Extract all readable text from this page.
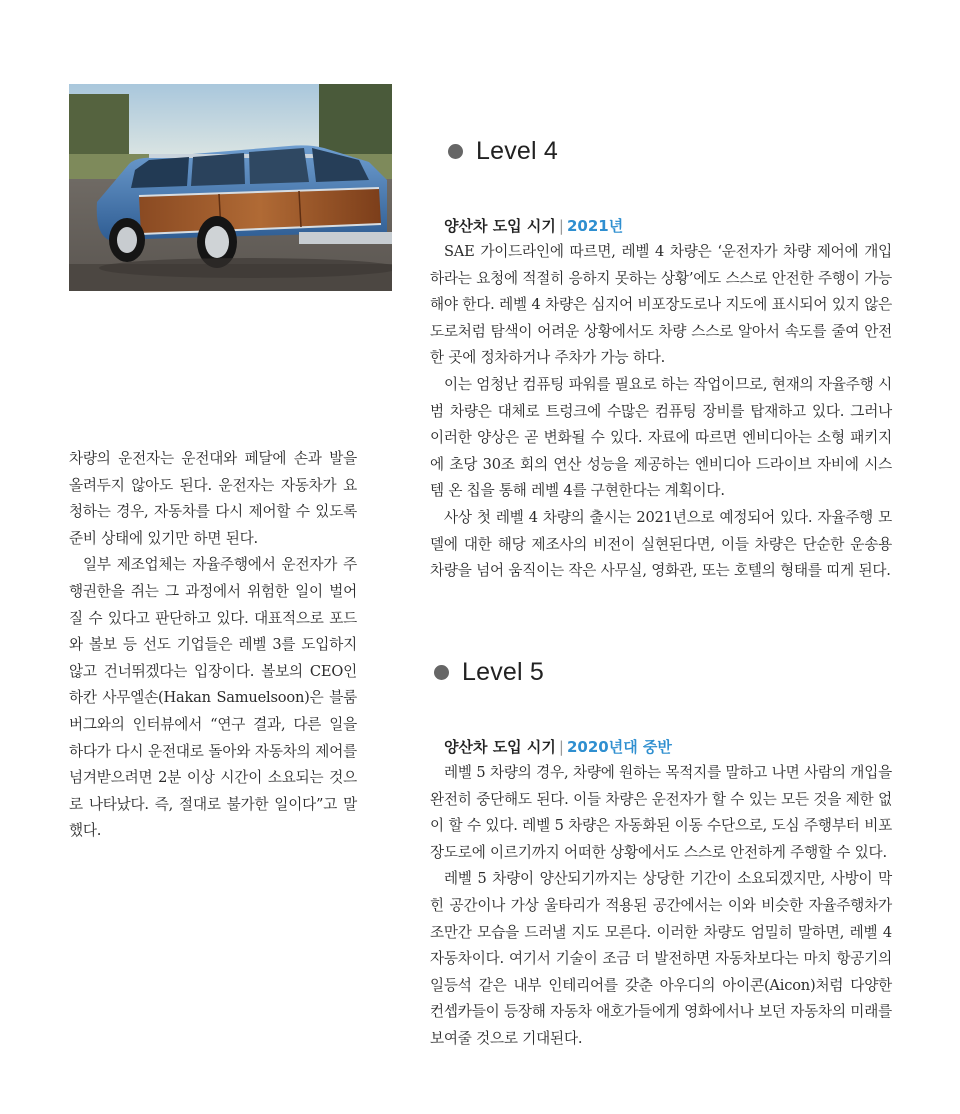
차량의 운전자는 운전대와 페달에 손과 발을 올려두지 않아도 된다. 운전자는 자동차가 요청하는 경우, 자동차를 다시 제어할 수 있도록 준비 상태에 있기만 하면 된다.

일부 제조업체는 자율주행에서 운전자가 주행권한을 쥐는 그 과정에서 위험한 일이 벌어질 수 있다고 판단하고 있다. 대표적으로 포드와 볼보 등 선도 기업들은 레벨 3를 도입하지 않고 건너뛰겠다는 입장이다. 볼보의 CEO인 하칸 사무엘손(Hakan Samuelsoon)은 블룸버그와의 인터뷰에서 “연구 결과, 다른 일을 하다가 다시 운전대로 돌아와 자동차의 제어를 넘겨받으려면 2분 이상 시간이 소요되는 것으로 나타났다. 즉, 절대로 불가한 일이다”고 말했다.

Level 4
양산차 도입 시기 | 2021년

SAE 가이드라인에 따르면, 레벨 4 차량은 ‘운전자가 차량 제어에 개입하라는 요청에 적절히 응하지 못하는 상황’에도 스스로 안전한 주행이 가능해야 한다. 레벨 4 차량은 심지어 비포장도로나 지도에 표시되어 있지 않은 도로처럼 탐색이 어려운 상황에서도 차량 스스로 알아서 속도를 줄여 안전한 곳에 정차하거나 주차가 가능 하다.

이는 엄청난 컴퓨팅 파워를 필요로 하는 작업이므로, 현재의 자율주행 시범 차량은 대체로 트렁크에 수많은 컴퓨팅 장비를 탑재하고 있다. 그러나 이러한 양상은 곧 변화될 수 있다. 자료에 따르면 엔비디아는 소형 패키지에 초당 30조 회의 연산 성능을 제공하는 엔비디아 드라이브 자비에 시스템 온 칩을 통해 레벨 4를 구현한다는 계획이다.

사상 첫 레벨 4 차량의 출시는 2021년으로 예정되어 있다. 자율주행 모델에 대한 해당 제조사의 비전이 실현된다면, 이들 차량은 단순한 운송용 차량을 넘어 움직이는 작은 사무실, 영화관, 또는 호텔의 형태를 띠게 된다.

Level 5
양산차 도입 시기 | 2020년대 중반

레벨 5 차량의 경우, 차량에 원하는 목적지를 말하고 나면 사람의 개입을 완전히 중단해도 된다. 이들 차량은 운전자가 할 수 있는 모든 것을 제한 없이 할 수 있다. 레벨 5 차량은 자동화된 이동 수단으로, 도심 주행부터 비포장도로에 이르기까지 어떠한 상황에서도 스스로 안전하게 주행할 수 있다.

레벨 5 차량이 양산되기까지는 상당한 기간이 소요되겠지만, 사방이 막힌 공간이나 가상 울타리가 적용된 공간에서는 이와 비슷한 자율주행차가 조만간 모습을 드러낼 지도 모른다. 이러한 차량도 엄밀히 말하면, 레벨 4 자동차이다. 여기서 기술이 조금 더 발전하면 자동차보다는 마치 항공기의 일등석 같은 내부 인테리어를 갖춘 아우디의 아이콘(Aicon)처럼 다양한 컨셉카들이 등장해 자동차 애호가들에게 영화에서나 보던 자동차의 미래를 보여줄 것으로 기대된다.
